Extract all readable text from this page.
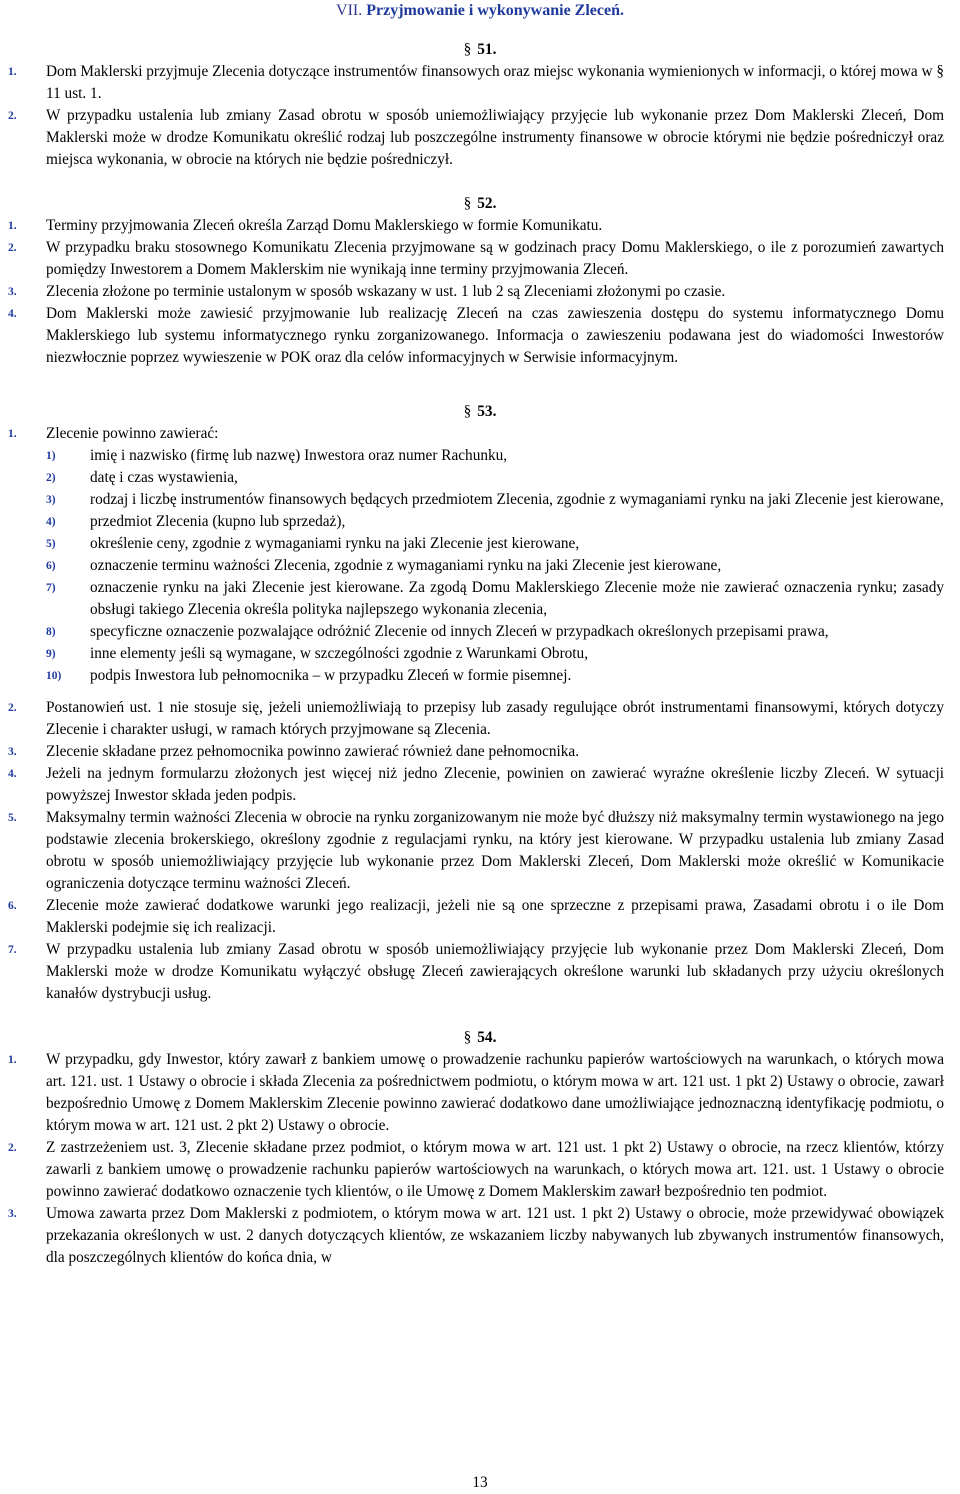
VII. Przyjmowanie i wykonywanie Zleceń.

§ 51.

1. Dom Maklerski przyjmuje Zlecenia dotyczące instrumentów finansowych oraz miejsc wykonania wymienionych w informacji, o której mowa w § 11 ust. 1.

2. W przypadku ustalenia lub zmiany Zasad obrotu w sposób uniemożliwiający przyjęcie lub wykonanie przez Dom Maklerski Zleceń, Dom Maklerski może w drodze Komunikatu określić rodzaj lub poszczególne instrumenty finansowe w obrocie którymi nie będzie pośredniczył oraz miejsca wykonania, w obrocie na których nie będzie pośredniczył.

§ 52.

1. Terminy przyjmowania Zleceń określa Zarząd Domu Maklerskiego w formie Komunikatu.

2. W przypadku braku stosownego Komunikatu Zlecenia przyjmowane są w godzinach pracy Domu Maklerskiego, o ile z porozumień zawartych pomiędzy Inwestorem a Domem Maklerskim nie wynikają inne terminy przyjmowania Zleceń.

3. Zlecenia złożone po terminie ustalonym w sposób wskazany w ust. 1 lub 2 są Zleceniami złożonymi po czasie.

4. Dom Maklerski może zawiesić przyjmowanie lub realizację Zleceń na czas zawieszenia dostępu do systemu informatycznego Domu Maklerskiego lub systemu informatycznego rynku zorganizowanego. Informacja o zawieszeniu podawana jest do wiadomości Inwestorów niezwłocznie poprzez wywieszenie w POK oraz dla celów informacyjnych w Serwisie informacyjnym.

§ 53.

1. Zlecenie powinno zawierać:

1) imię i nazwisko (firmę lub nazwę) Inwestora oraz numer Rachunku,

2) datę i czas wystawienia,

3) rodzaj i liczbę instrumentów finansowych będących przedmiotem Zlecenia, zgodnie z wymaganiami rynku na jaki Zlecenie jest kierowane,

4) przedmiot Zlecenia (kupno lub sprzedaż),

5) określenie ceny, zgodnie z wymaganiami rynku na jaki Zlecenie jest kierowane,

6) oznaczenie terminu ważności Zlecenia, zgodnie z wymaganiami rynku na jaki Zlecenie jest kierowane,

7) oznaczenie rynku na jaki Zlecenie jest kierowane. Za zgodą Domu Maklerskiego Zlecenie może nie zawierać oznaczenia rynku; zasady obsługi takiego Zlecenia określa polityka najlepszego wykonania zlecenia,

8) specyficzne oznaczenie pozwalające odróżnić Zlecenie od innych Zleceń w przypadkach określonych przepisami prawa,

9) inne elementy jeśli są wymagane, w szczególności zgodnie z Warunkami Obrotu,

10) podpis Inwestora lub pełnomocnika – w przypadku Zleceń w formie pisemnej.

2. Postanowień ust. 1 nie stosuje się, jeżeli uniemożliwiają to przepisy lub zasady regulujące obrót instrumentami finansowymi, których dotyczy Zlecenie i charakter usługi, w ramach których przyjmowane są Zlecenia.

3. Zlecenie składane przez pełnomocnika powinno zawierać również dane pełnomocnika.

4. Jeżeli na jednym formularzu złożonych jest więcej niż jedno Zlecenie, powinien on zawierać wyraźne określenie liczby Zleceń. W sytuacji powyższej Inwestor składa jeden podpis.

5. Maksymalny termin ważności Zlecenia w obrocie na rynku zorganizowanym nie może być dłuższy niż maksymalny termin wystawionego na jego podstawie zlecenia brokerskiego, określony zgodnie z regulacjami rynku, na który jest kierowane. W przypadku ustalenia lub zmiany Zasad obrotu w sposób uniemożliwiający przyjęcie lub wykonanie przez Dom Maklerski Zleceń, Dom Maklerski może określić w Komunikacie ograniczenia dotyczące terminu ważności Zleceń.

6. Zlecenie może zawierać dodatkowe warunki jego realizacji, jeżeli nie są one sprzeczne z przepisami prawa, Zasadami obrotu i o ile Dom Maklerski podejmie się ich realizacji.

7. W przypadku ustalenia lub zmiany Zasad obrotu w sposób uniemożliwiający przyjęcie lub wykonanie przez Dom Maklerski Zleceń, Dom Maklerski może w drodze Komunikatu wyłączyć obsługę Zleceń zawierających określone warunki lub składanych przy użyciu określonych kanałów dystrybucji usług.

§ 54.

1. W przypadku, gdy Inwestor, który zawarł z bankiem umowę o prowadzenie rachunku papierów wartościowych na warunkach, o których mowa art. 121. ust. 1 Ustawy o obrocie i składa Zlecenia za pośrednictwem podmiotu, o którym mowa w art. 121 ust. 1 pkt 2) Ustawy o obrocie, zawarł bezpośrednio Umowę z Domem Maklerskim Zlecenie powinno zawierać dodatkowo dane umożliwiające jednoznaczną identyfikację podmiotu, o którym mowa w art. 121 ust. 2 pkt 2) Ustawy o obrocie.

2. Z zastrzeżeniem ust. 3, Zlecenie składane przez podmiot, o którym mowa w art. 121 ust. 1 pkt 2) Ustawy o obrocie, na rzecz klientów, którzy zawarli z bankiem umowę o prowadzenie rachunku papierów wartościowych na warunkach, o których mowa art. 121. ust. 1 Ustawy o obrocie powinno zawierać dodatkowo oznaczenie tych klientów, o ile Umowę z Domem Maklerskim zawarł bezpośrednio ten podmiot.

3. Umowa zawarta przez Dom Maklerski z podmiotem, o którym mowa w art. 121 ust. 1 pkt 2) Ustawy o obrocie, może przewidywać obowiązek przekazania określonych w ust. 2 danych dotyczących klientów, ze wskazaniem liczby nabywanych lub zbywanych instrumentów finansowych, dla poszczególnych klientów do końca dnia, w

13
